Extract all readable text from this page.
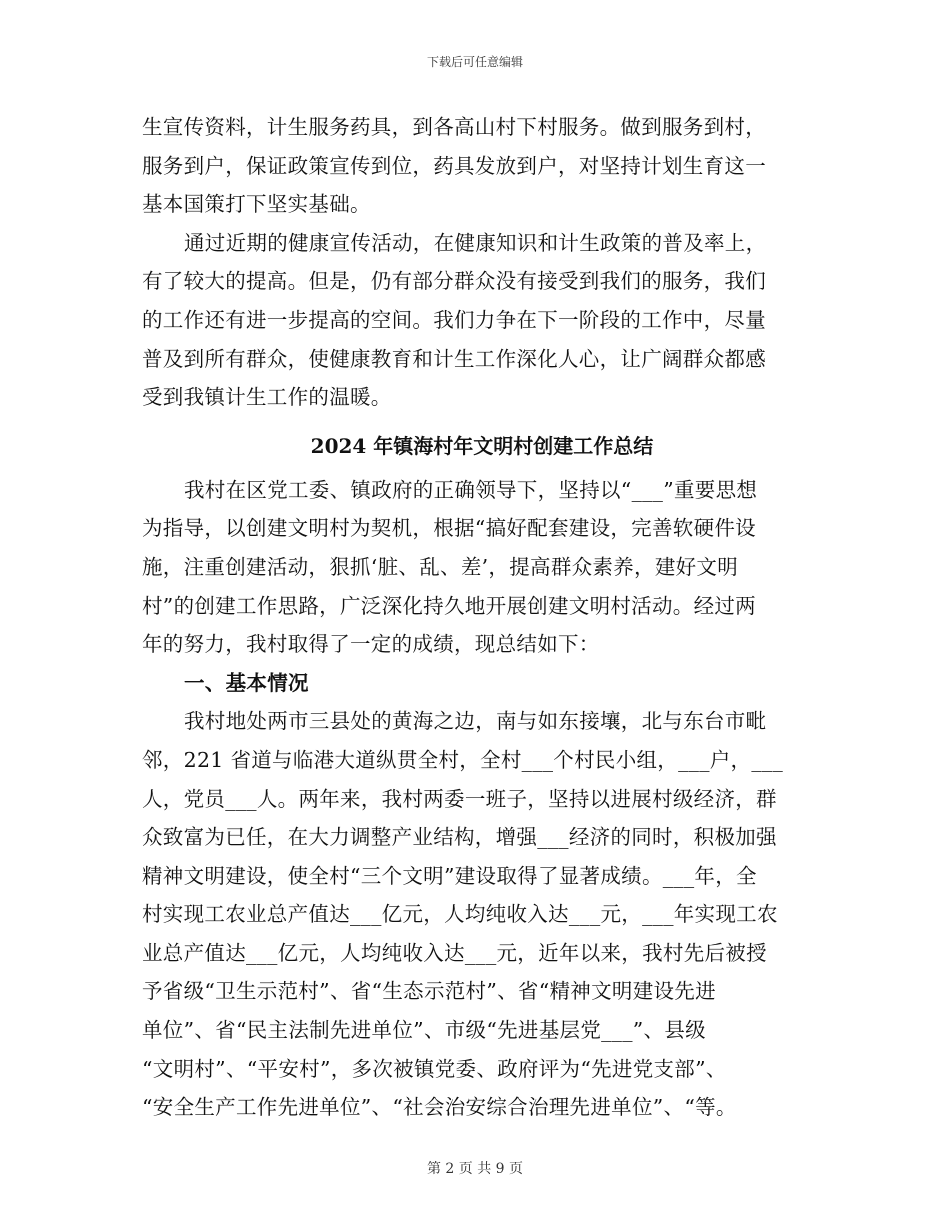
下载后可任意编辑
生宣传资料，计生服务药具，到各高山村下村服务。做到服务到村，
服务到户，保证政策宣传到位，药具发放到户，对坚持计划生育这一
基本国策打下坚实基础。
通过近期的健康宣传活动，在健康知识和计生政策的普及率上，
有了较大的提高。但是，仍有部分群众没有接受到我们的服务，我们
的工作还有进一步提高的空间。我们力争在下一阶段的工作中，尽量
普及到所有群众，使健康教育和计生工作深化人心，让广阔群众都感
受到我镇计生工作的温暖。
2024 年镇海村年文明村创建工作总结
我村在区党工委、镇政府的正确领导下，坚持以“___”重要思想
为指导，以创建文明村为契机，根据“搞好配套建设，完善软硬件设
施，注重创建活动，狠抓‘脏、乱、差’，提高群众素养，建好文明
村”的创建工作思路，广泛深化持久地开展创建文明村活动。经过两
年的努力，我村取得了一定的成绩，现总结如下：
一、基本情况
我村地处两市三县处的黄海之边，南与如东接壤，北与东台市毗
邻，221 省道与临港大道纵贯全村，全村___个村民小组，___户，___
人，党员___人。两年来，我村两委一班子，坚持以进展村级经济，群
众致富为已任，在大力调整产业结构，增强___经济的同时，积极加强
精神文明建设，使全村“三个文明”建设取得了显著成绩。___年，全
村实现工农业总产值达___亿元，人均纯收入达___元，___年实现工农
业总产值达___亿元，人均纯收入达___元，近年以来，我村先后被授
予省级“卫生示范村”、省“生态示范村”、省“精神文明建设先进
单位”、省“民主法制先进单位”、市级“先进基层党___”、县级
“文明村”、“平安村”，多次被镇党委、政府评为“先进党支部”、
“安全生产工作先进单位”、“社会治安综合治理先进单位”、“等。
第 2 页 共 9 页
